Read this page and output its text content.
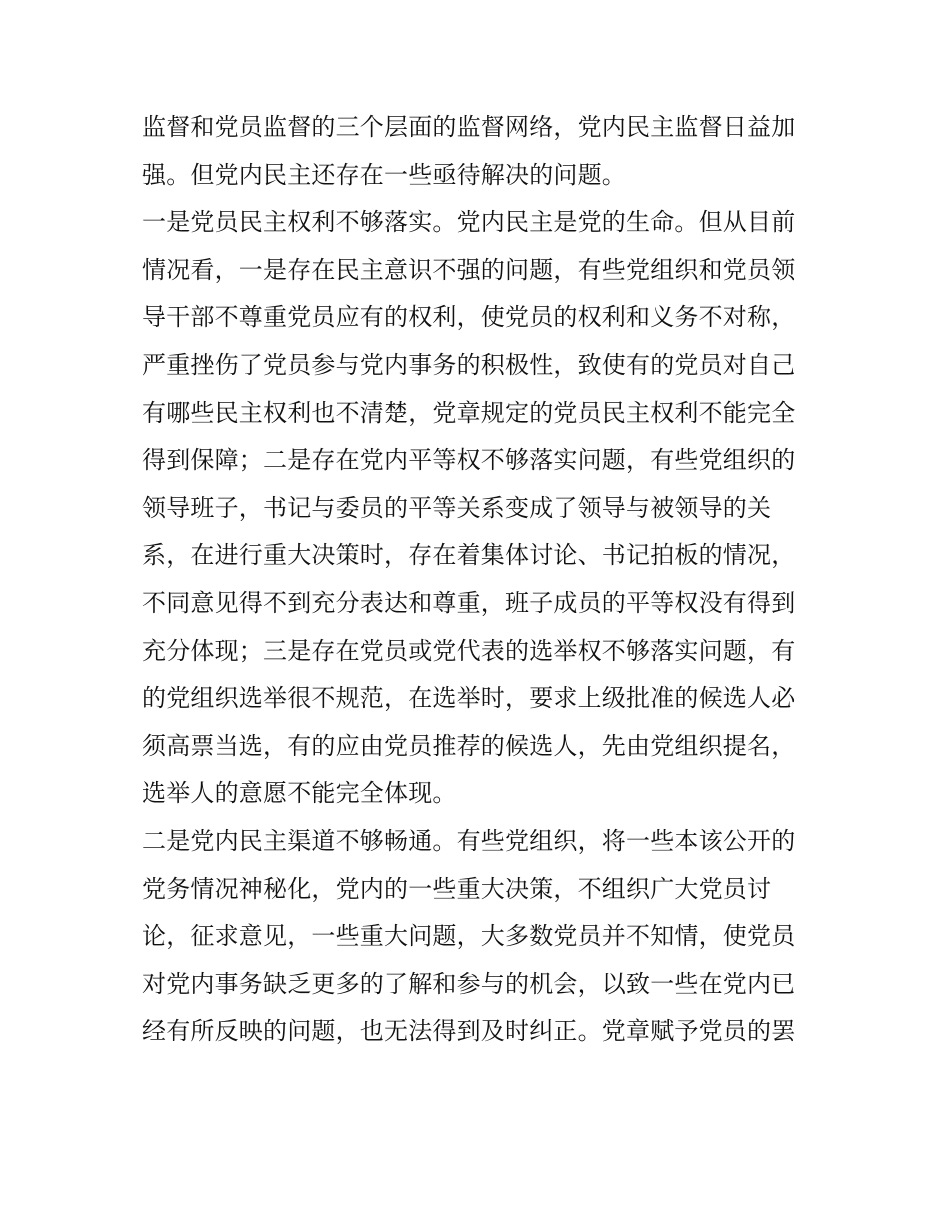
监督和党员监督的三个层面的监督网络，党内民主监督日益加
强。但党内民主还存在一些亟待解决的问题。
一是党员民主权利不够落实。党内民主是党的生命。但从目前
情况看，一是存在民主意识不强的问题，有些党组织和党员领
导干部不尊重党员应有的权利，使党员的权利和义务不对称，
严重挫伤了党员参与党内事务的积极性，致使有的党员对自己
有哪些民主权利也不清楚，党章规定的党员民主权利不能完全
得到保障；二是存在党内平等权不够落实问题，有些党组织的
领导班子，书记与委员的平等关系变成了领导与被领导的关
系，在进行重大决策时，存在着集体讨论、书记拍板的情况，
不同意见得不到充分表达和尊重，班子成员的平等权没有得到
充分体现；三是存在党员或党代表的选举权不够落实问题，有
的党组织选举很不规范，在选举时，要求上级批准的候选人必
须高票当选，有的应由党员推荐的候选人，先由党组织提名，
选举人的意愿不能完全体现。
二是党内民主渠道不够畅通。有些党组织，将一些本该公开的
党务情况神秘化，党内的一些重大决策，不组织广大党员讨
论，征求意见，一些重大问题，大多数党员并不知情，使党员
对党内事务缺乏更多的了解和参与的机会，以致一些在党内已
经有所反映的问题，也无法得到及时纠正。党章赋予党员的罢
